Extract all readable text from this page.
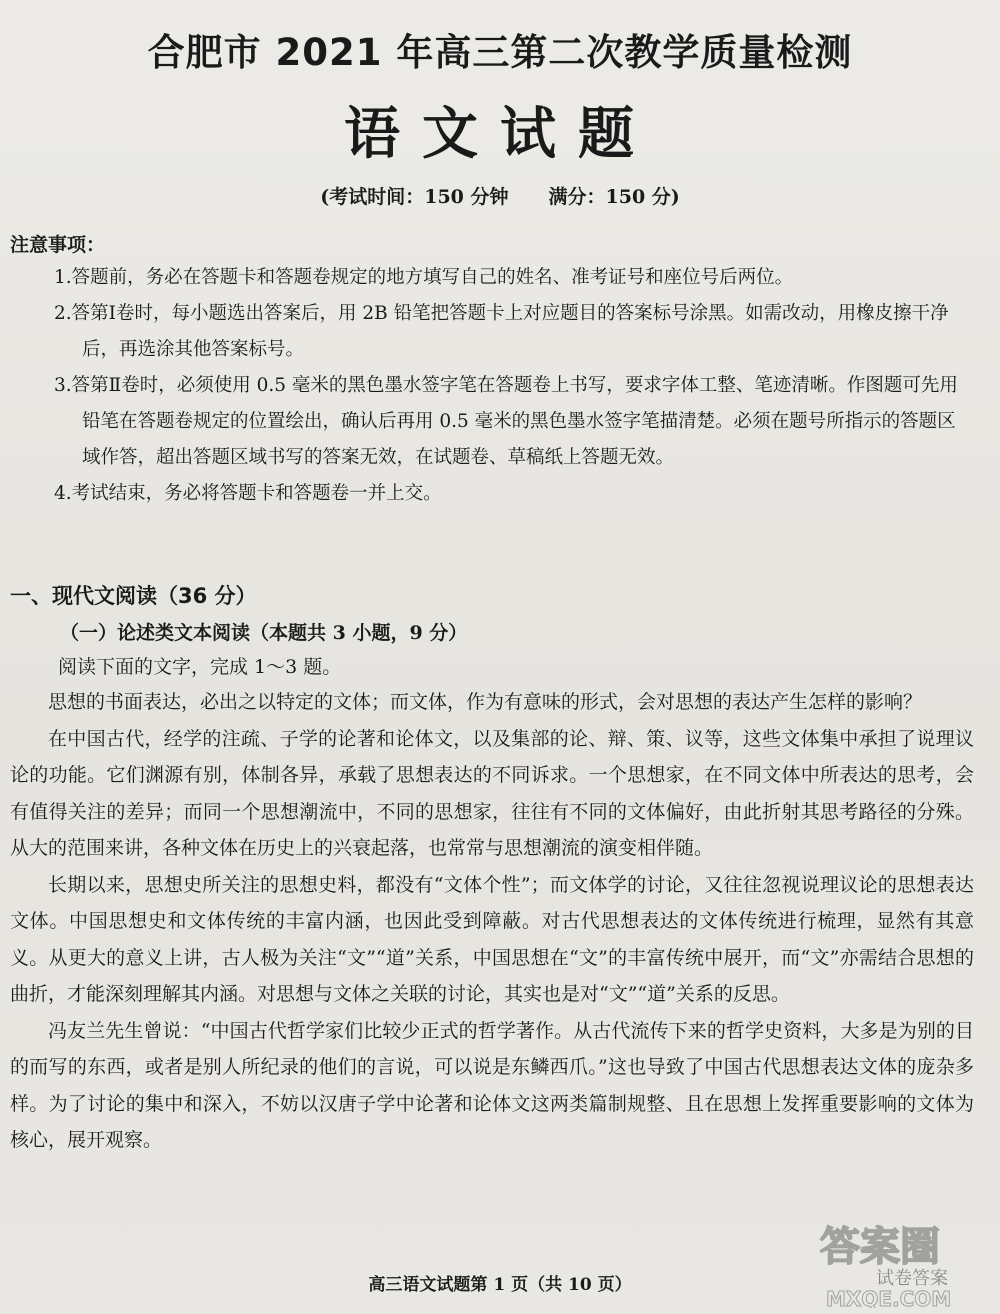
合肥市 2021 年高三第二次教学质量检测
语文试题
(考试时间：150 分钟 满分：150 分)
注意事项：
1.答题前，务必在答题卡和答题卷规定的地方填写自己的姓名、准考证号和座位号后两位。
2.答第Ⅰ卷时，每小题选出答案后，用 2B 铅笔把答题卡上对应题目的答案标号涂黑。如需改动，用橡皮擦干净后，再选涂其他答案标号。
3.答第Ⅱ卷时，必须使用 0.5 毫米的黑色墨水签字笔在答题卷上书写，要求字体工整、笔迹清晰。作图题可先用铅笔在答题卷规定的位置绘出，确认后再用 0.5 毫米的黑色墨水签字笔描清楚。必须在题号所指示的答题区域作答，超出答题区域书写的答案无效，在试题卷、草稿纸上答题无效。
4.考试结束，务必将答题卡和答题卷一并上交。
一、现代文阅读（36 分）
（一）论述类文本阅读（本题共 3 小题，9 分）
阅读下面的文字，完成 1～3 题。

思想的书面表达，必出之以特定的文体；而文体，作为有意味的形式，会对思想的表达产生怎样的影响？

在中国古代，经学的注疏、子学的论著和论体文，以及集部的论、辩、策、议等，这些文体集中承担了说理议论的功能。它们渊源有别，体制各异，承载了思想表达的不同诉求。一个思想家，在不同文体中所表达的思考，会有值得关注的差异；而同一个思想潮流中，不同的思想家，往往有不同的文体偏好，由此折射其思考路径的分殊。从大的范围来讲，各种文体在历史上的兴衰起落，也常常与思想潮流的演变相伴随。

长期以来，思想史所关注的思想史料，都没有“文体个性”；而文体学的讨论，又往往忽视说理议论的思想表达文体。中国思想史和文体传统的丰富内涵，也因此受到障蔽。对古代思想表达的文体传统进行梳理，显然有其意义。从更大的意义上讲，古人极为关注“文”“道”关系，中国思想在“文”的丰富传统中展开，而“文”亦需结合思想的曲折，才能深刻理解其内涵。对思想与文体之关联的讨论，其实也是对“文”“道”关系的反思。

冯友兰先生曾说：“中国古代哲学家们比较少正式的哲学著作。从古代流传下来的哲学史资料，大多是为别的目的而写的东西，或者是别人所纪录的他们的言说，可以说是东鳞西爪。”这也导致了中国古代思想表达文体的庞杂多样。为了讨论的集中和深入，不妨以汉唐子学中论著和论体文这两类篇制规整、且在思想上发挥重要影响的文体为核心，展开观察。

高三语文试题第 1 页（共 10 页）
答案圈
试卷答案
MXQE.COM
